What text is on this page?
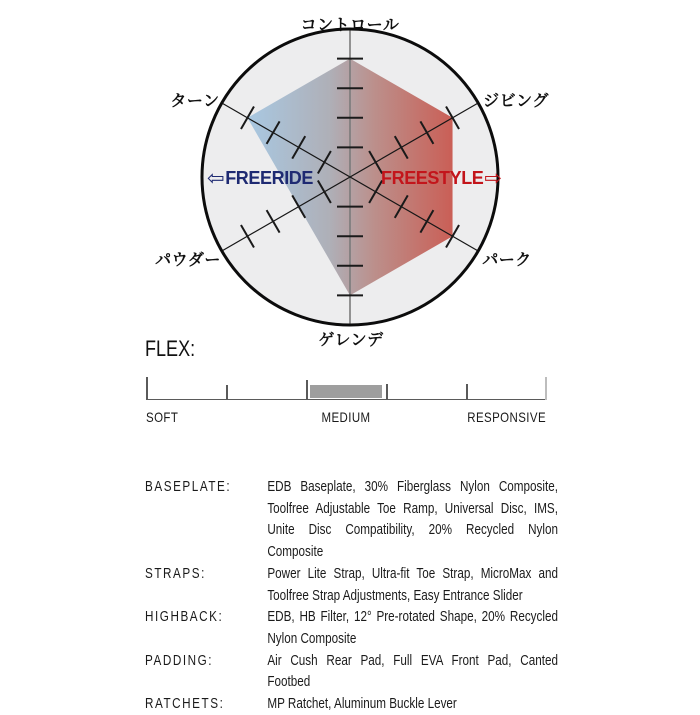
コントロール
ジビング
パーク
ゲレンデ
パウダー
ターン
⇦ FREERIDE	FREESTYLE ⇨
FLEX:
SOFT	MEDIUM	RESPONSIVE
BASEPLATE:	EDB Baseplate, 30% Fiberglass Nylon Composite, Toolfree Adjustable Toe Ramp, Universal Disc, IMS, Unite Disc Compatibility, 20% Recycled Nylon Composite
STRAPS:	Power Lite Strap, Ultra-fit Toe Strap, MicroMax and Toolfree Strap Adjustments, Easy Entrance Slider
HIGHBACK:	EDB, HB Filter, 12° Pre-rotated Shape, 20% Recycled Nylon Composite
PADDING:	Air Cush Rear Pad, Full EVA Front Pad, Canted Footbed
RATCHETS:	MP Ratchet, Aluminum Buckle Lever
